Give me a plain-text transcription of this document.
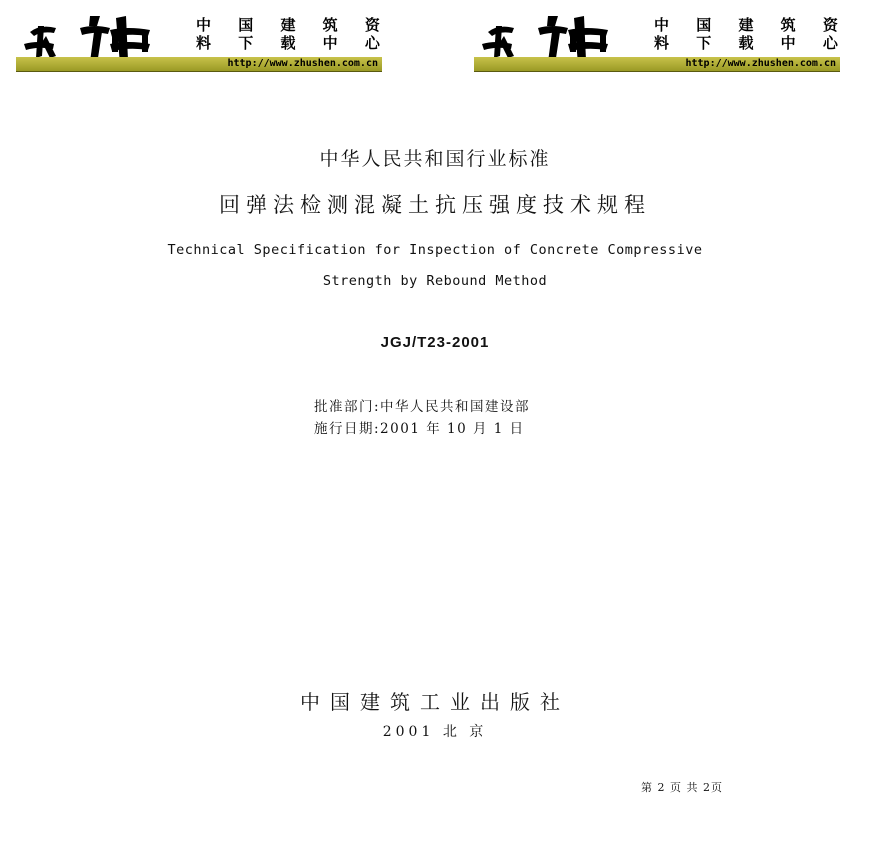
中 国 建 筑 资
料 下 载 中 心
http://www.zhushen.com.cn
中 国 建 筑 资
料 下 载 中 心
http://www.zhushen.com.cn
中华人民共和国行业标准
回弹法检测混凝土抗压强度技术规程
Technical Specification for Inspection of Concrete Compressive
Strength by Rebound Method
JGJ/T23-2001
批准部门:中华人民共和国建设部
施行日期:2001 年 10 月 1 日
中国建筑工业出版社
2001 北 京
第 2 页 共 2页
